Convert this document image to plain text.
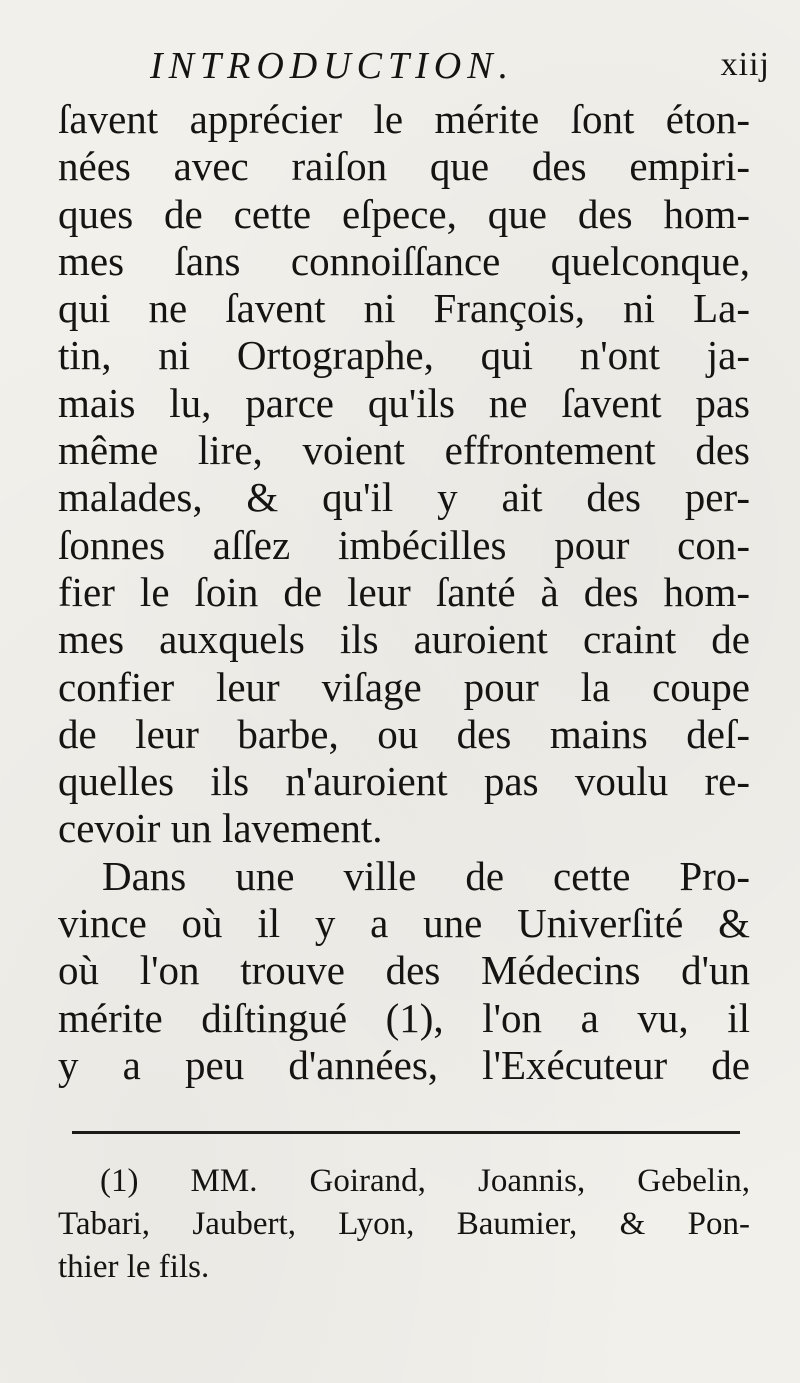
INTRODUCTION.	xiij
ſavent apprécier le mérite ſont éton-
nées avec raiſon que des empiri-
ques de cette eſpece, que des hom-
mes ſans connoiſſance quelconque,
qui ne ſavent ni François, ni La-
tin, ni Ortographe, qui n'ont ja-
mais lu, parce qu'ils ne ſavent pas
même lire, voient effrontement des
malades, & qu'il y ait des per-
ſonnes aſſez imbécilles pour con-
fier le ſoin de leur ſanté à des hom-
mes auxquels ils auroient craint de
confier leur viſage pour la coupe
de leur barbe, ou des mains deſ-
quelles ils n'auroient pas voulu re-
cevoir un lavement.
Dans une ville de cette Pro-
vince où il y a une Univerſité &
où l'on trouve des Médecins d'un
mérite diſtingué (1), l'on a vu, il
y a peu d'années, l'Exécuteur de
(1) MM. Goirand, Joannis, Gebelin,
Tabari, Jaubert, Lyon, Baumier, & Pon-
thier le fils.
